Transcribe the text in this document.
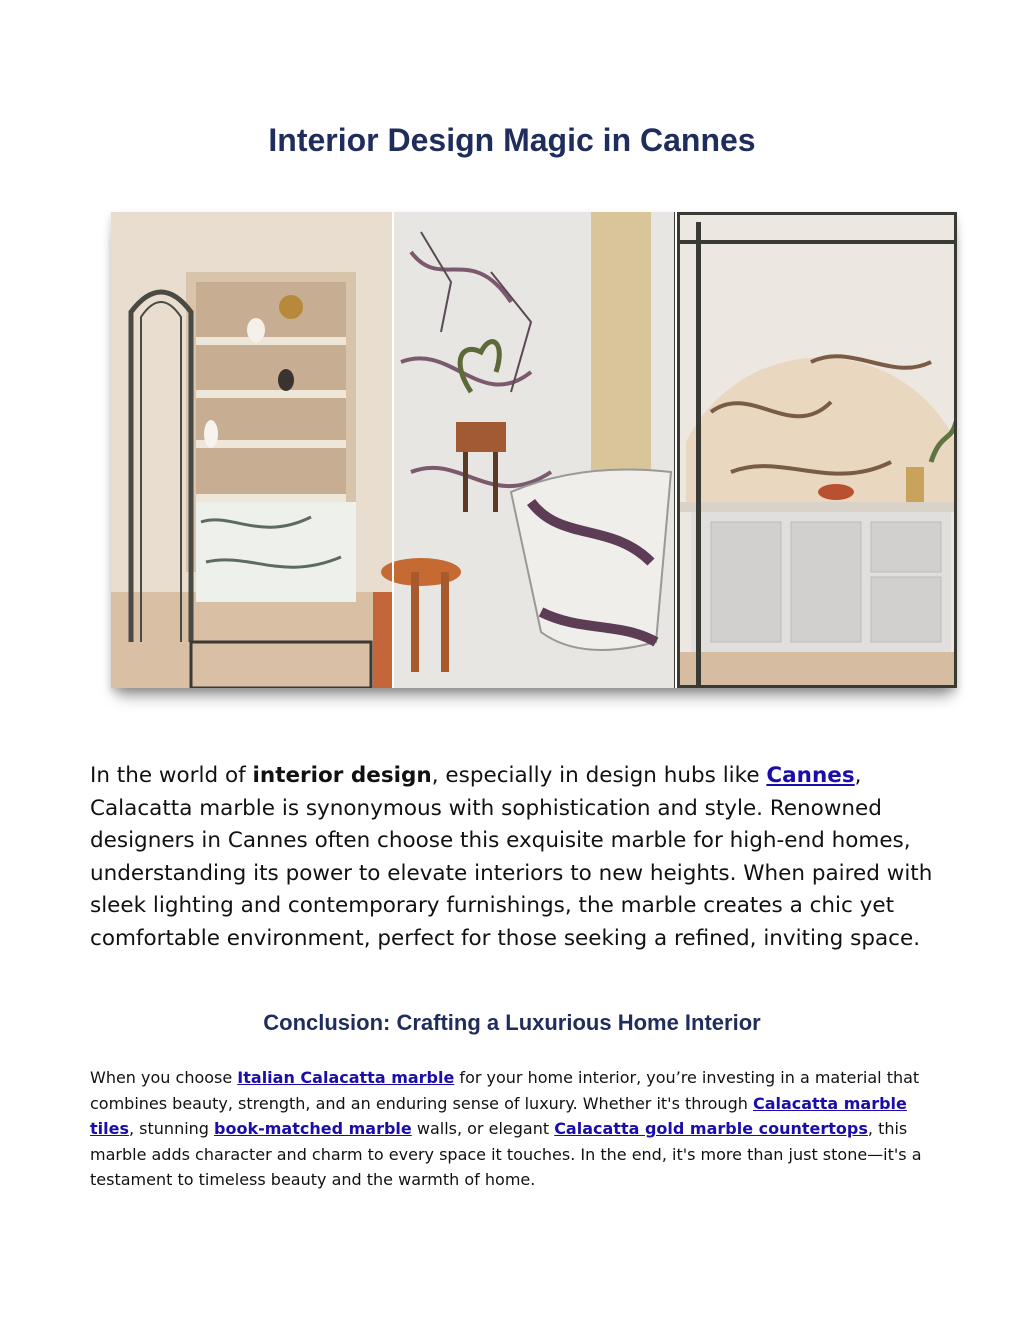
Interior Design Magic in Cannes

In the world of interior design, especially in design hubs like Cannes, Calacatta marble is synonymous with sophistication and style. Renowned designers in Cannes often choose this exquisite marble for high-end homes, understanding its power to elevate interiors to new heights. When paired with sleek lighting and contemporary furnishings, the marble creates a chic yet comfortable environment, perfect for those seeking a refined, inviting space.

Conclusion: Crafting a Luxurious Home Interior

When you choose Italian Calacatta marble for your home interior, you’re investing in a material that combines beauty, strength, and an enduring sense of luxury. Whether it's through Calacatta marble tiles, stunning book-matched marble walls, or elegant Calacatta gold marble countertops, this marble adds character and charm to every space it touches. In the end, it's more than just stone—it's a testament to timeless beauty and the warmth of home.
